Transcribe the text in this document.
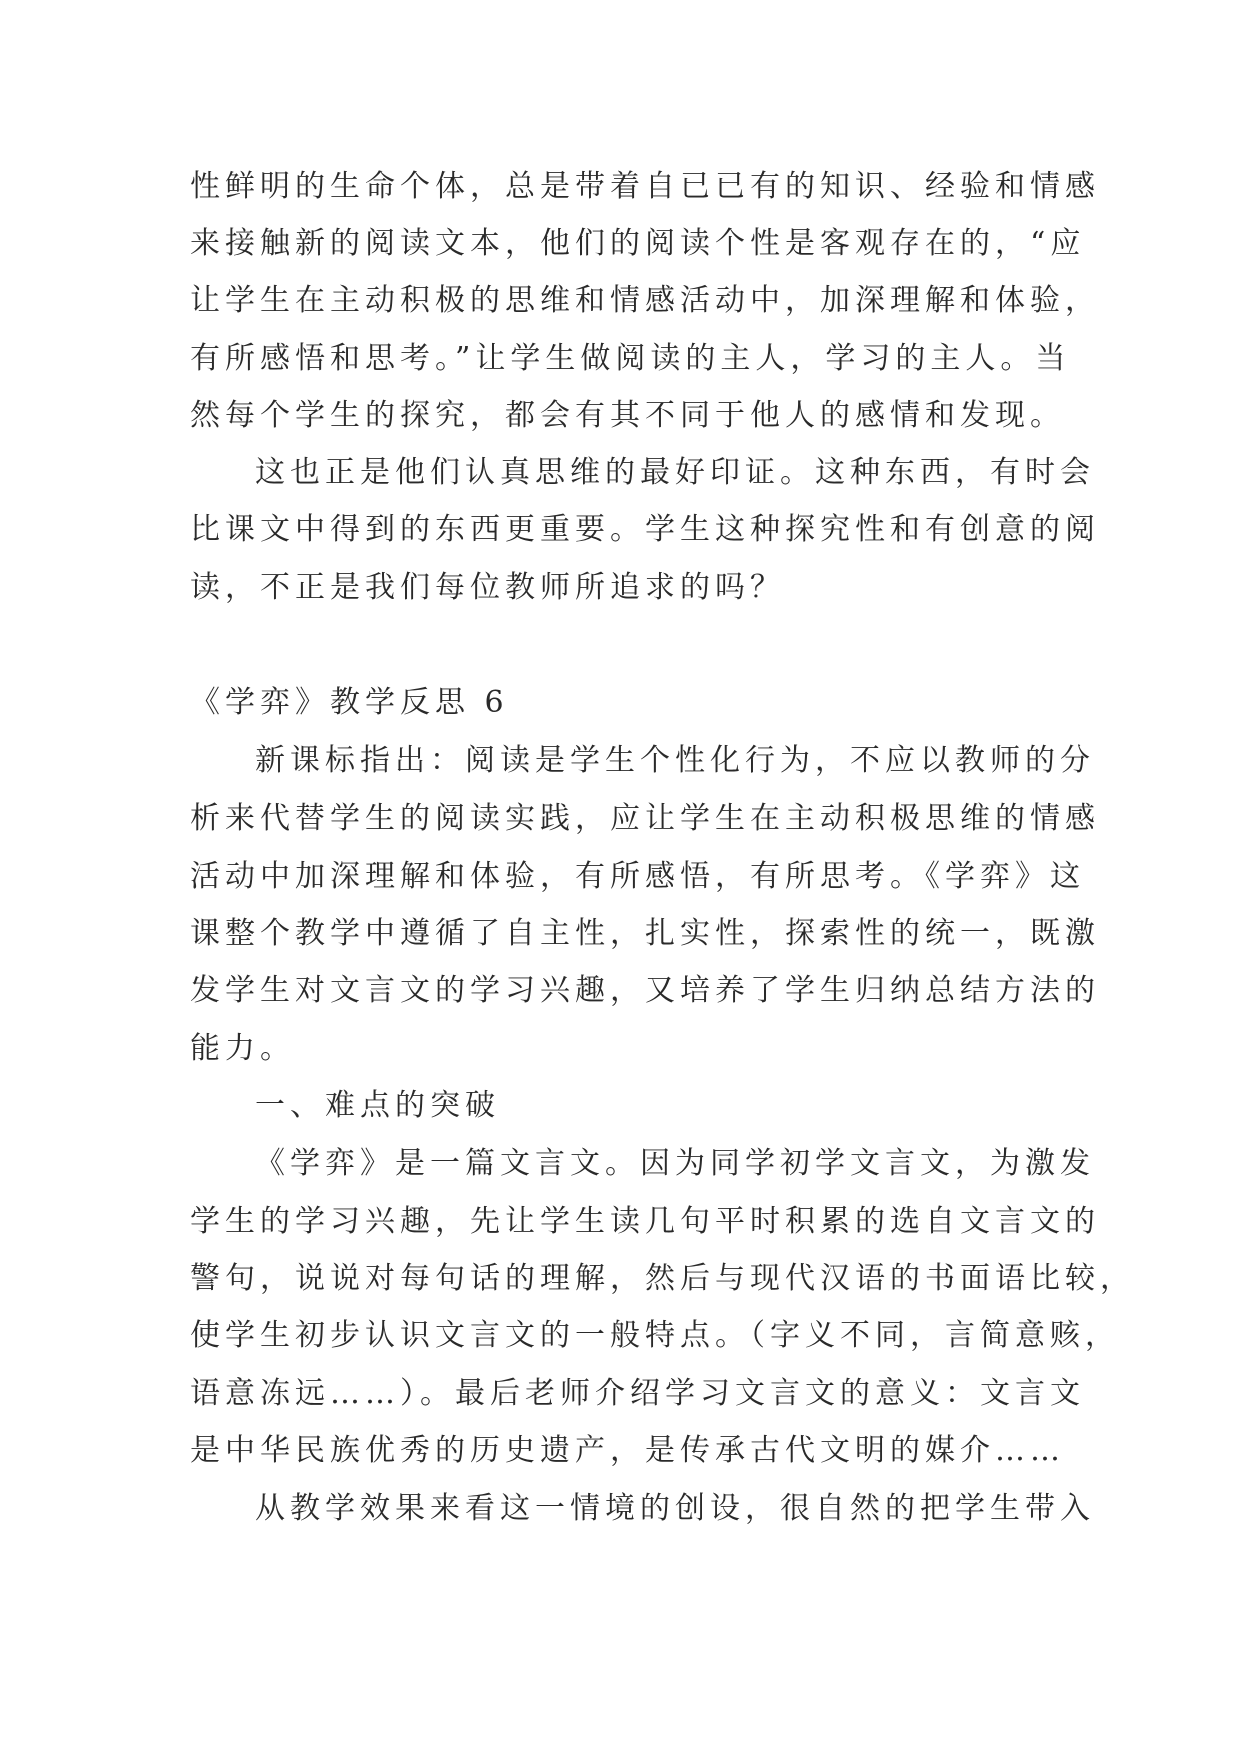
性鲜明的生命个体，总是带着自已已有的知识、经验和情感
来接触新的阅读文本，他们的阅读个性是客观存在的，“应
让学生在主动积极的思维和情感活动中，加深理解和体验，
有所感悟和思考。”让学生做阅读的主人，学习的主人。当
然每个学生的探究，都会有其不同于他人的感情和发现。
这也正是他们认真思维的最好印证。这种东西，有时会
比课文中得到的东西更重要。学生这种探究性和有创意的阅
读，不正是我们每位教师所追求的吗？
《学弈》教学反思 6
新课标指出：阅读是学生个性化行为，不应以教师的分
析来代替学生的阅读实践，应让学生在主动积极思维的情感
活动中加深理解和体验，有所感悟，有所思考。《学弈》这
课整个教学中遵循了自主性，扎实性，探索性的统一，既激
发学生对文言文的学习兴趣，又培养了学生归纳总结方法的
能力。
一、难点的突破
《学弈》是一篇文言文。因为同学初学文言文，为激发
学生的学习兴趣，先让学生读几句平时积累的选自文言文的
警句，说说对每句话的理解，然后与现代汉语的书面语比较，
使学生初步认识文言文的一般特点。（字义不同，言简意赅，
语意冻远……）。最后老师介绍学习文言文的意义：文言文
是中华民族优秀的历史遗产，是传承古代文明的媒介……
从教学效果来看这一情境的创设，很自然的把学生带入
